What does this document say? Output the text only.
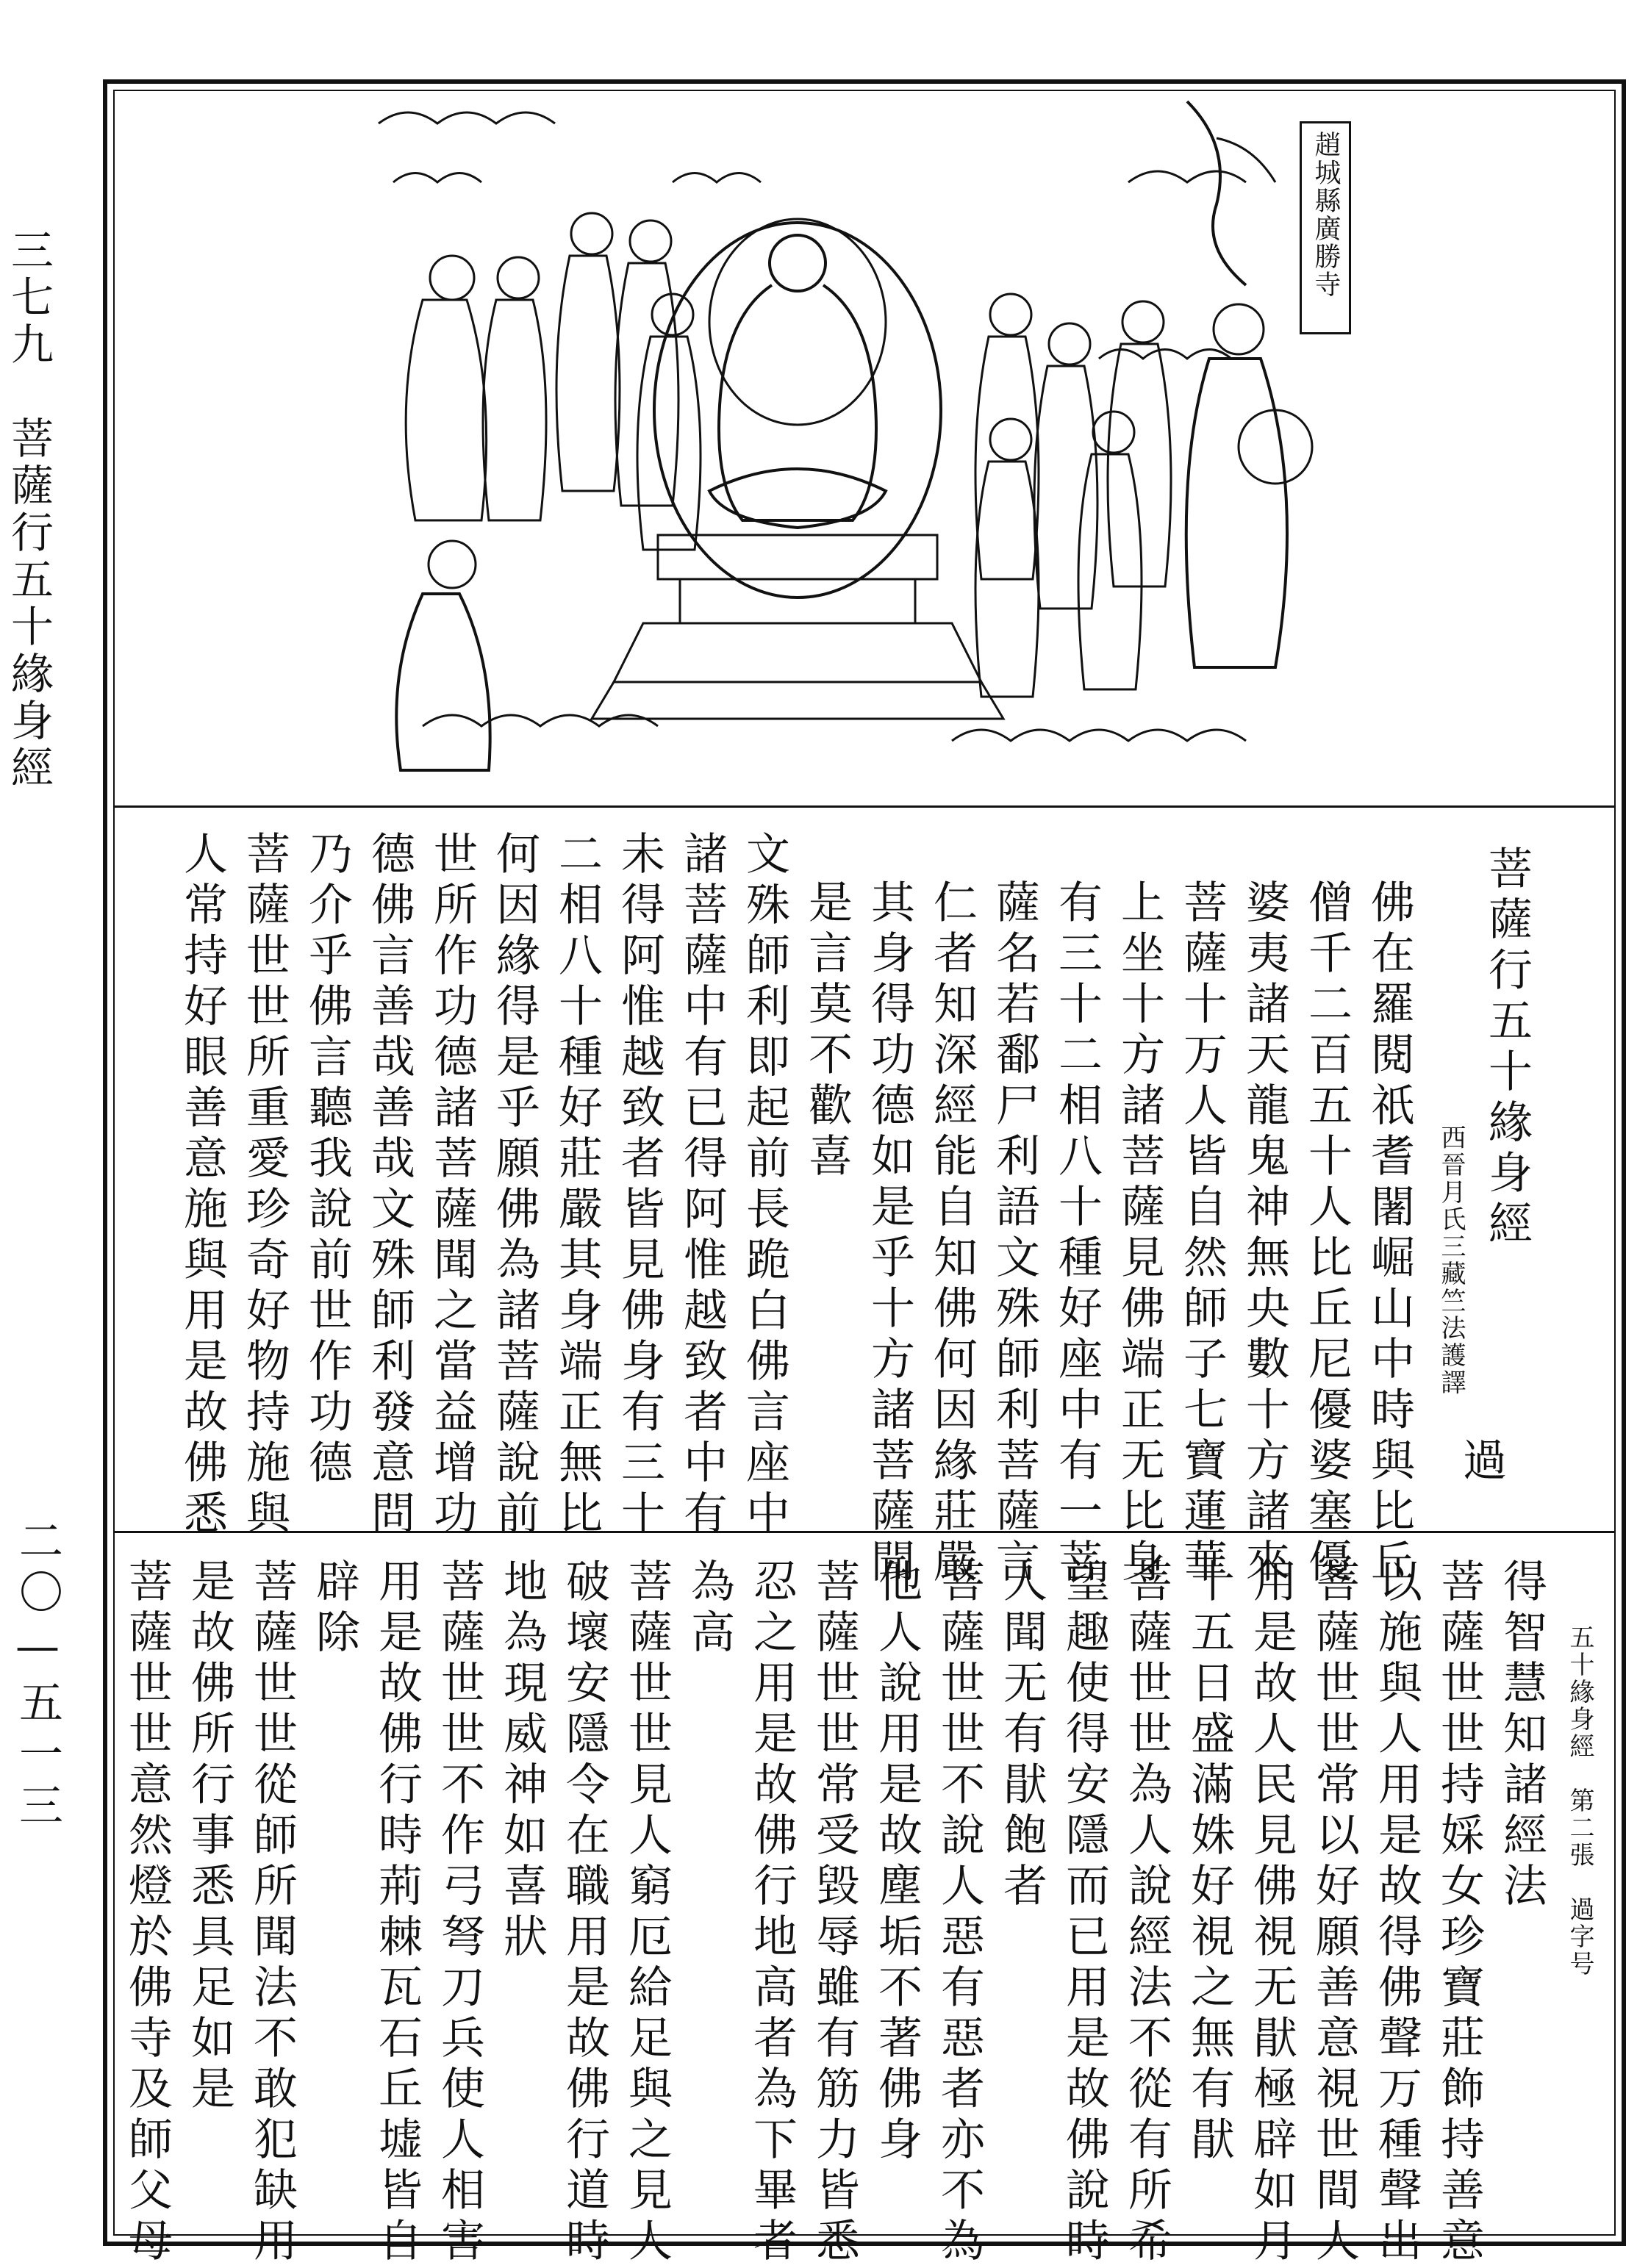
三七九　菩薩行五十緣身經
二〇—五一三
趙城縣廣勝寺
菩薩行五十緣身經
西晉月氏三藏竺法護譯
過
佛在羅閱祇耆闍崛山中時與比丘
僧千二百五十人比丘尼優婆塞優
婆夷諸天龍鬼神無央數十方諸來
菩薩十万人皆自然師子七寶蓮華
上坐十方諸菩薩見佛端正无比身
有三十二相八十種好座中有一菩
薩名若鄱尸利語文殊師利菩薩言
仁者知深經能自知佛何因緣莊嚴
其身得功德如是乎十方諸菩薩聞
是言莫不歡喜
文殊師利即起前長跪白佛言座中
諸菩薩中有已得阿惟越致者中有
未得阿惟越致者皆見佛身有三十
二相八十種好莊嚴其身端正無比
何因緣得是乎願佛為諸菩薩說前
世所作功德諸菩薩聞之當益增功
德佛言善哉善哉文殊師利發意問
乃介乎佛言聽我說前世作功德
菩薩世世所重愛珍奇好物持施與
人常持好眼善意施與用是故佛悉
五十緣身經　第二張　過字号
得智慧知諸經法
菩薩世世持婇女珍寶莊飾持善意
以施與人用是故得佛聲万種聲出
菩薩世世常以好願善意視世間人
用是故人民見佛視无猒極辟如月
十五日盛滿姝好視之無有猒
菩薩世世為人說經法不從有所希
望趣使得安隱而已用是故佛說時
人聞无有猒飽者
菩薩世世不說人惡有惡者亦不為
他人說用是故塵垢不著佛身
菩薩世世常受毀辱雖有筋力皆悉
忍之用是故佛行地高者為下畢者
為高
菩薩世世見人窮厄給足與之見人
破壞安隱令在職用是故佛行道時
地為現威神如喜狀
菩薩世世不作弓弩刀兵使人相害
用是故佛行時荊棘瓦石丘墟皆自
辟除
菩薩世世從師所聞法不敢犯缺用
是故佛所行事悉具足如是
菩薩世世意然燈於佛寺及師父母
